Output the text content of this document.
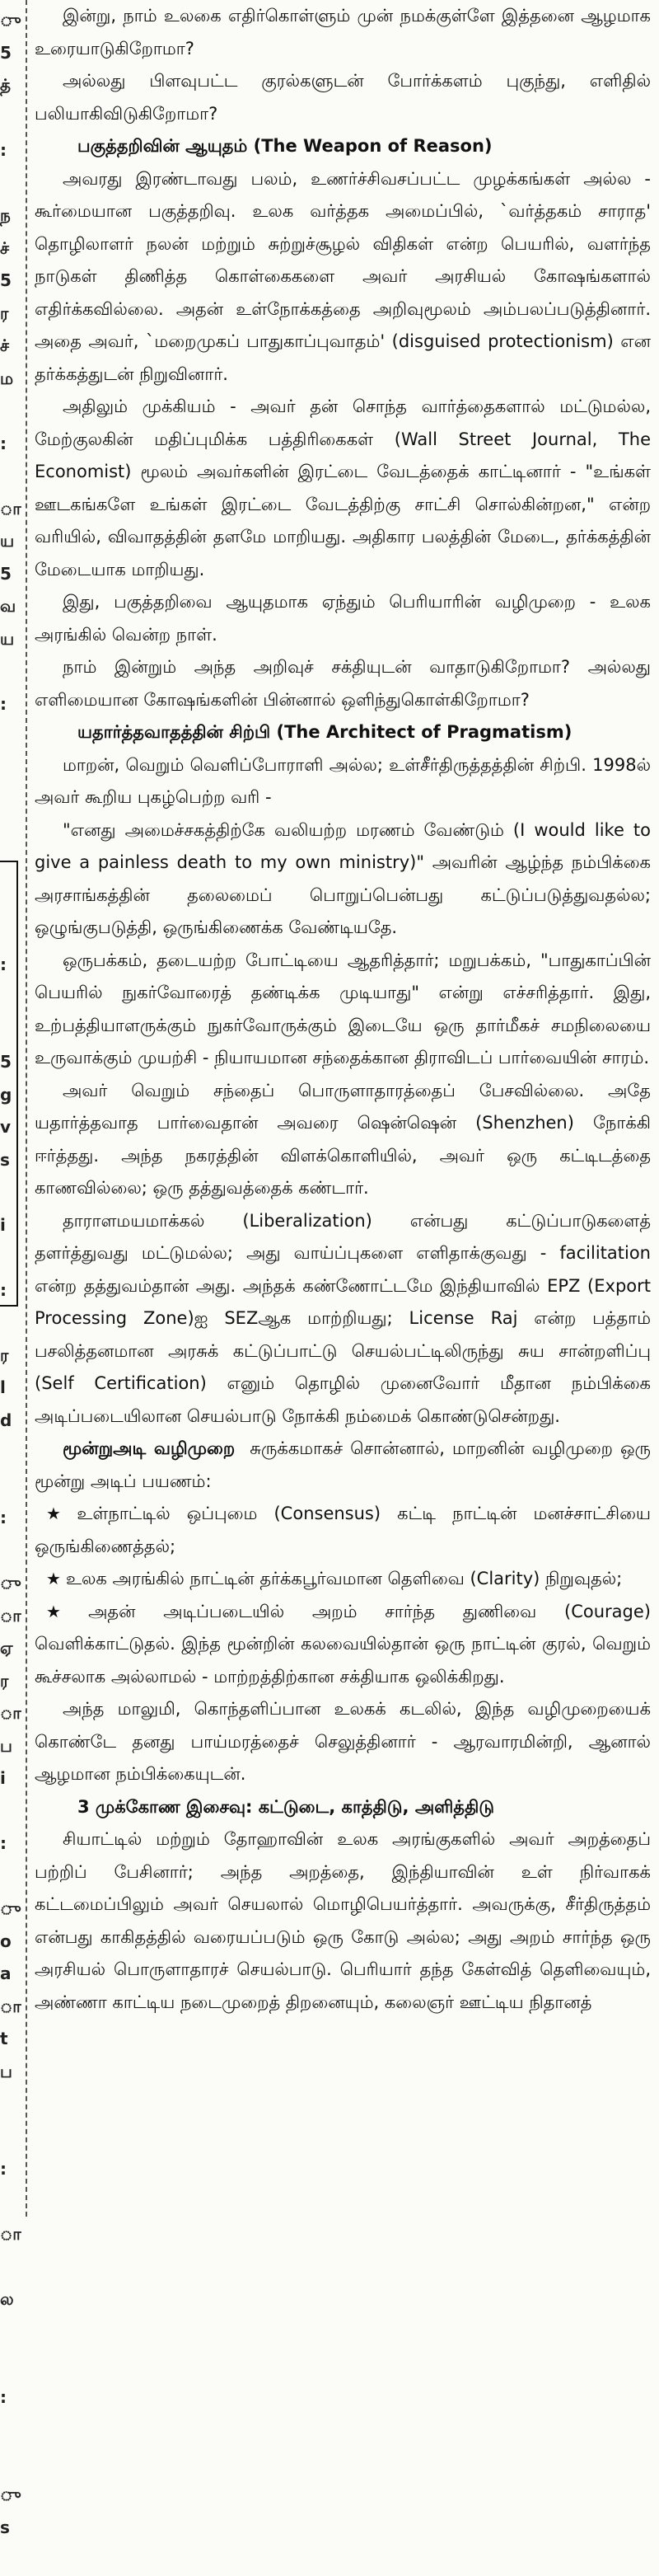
ு
5
த்
:
ந
ச்
5
ர
ச்
ம
:
ா
ய
5
வ
ய
:
:
5
g
v
s
i
:
ர
l
d
:
ு
ா
ஏ
ர
ா
ப
i
:
ு
o
a
ா
t
ப
:
ா
ல
:
ு
s

இன்று, நாம் உலகை எதிர்கொள்ளும் முன் நமக்குள்ளே இத்தனை ஆழமாக உரையாடுகிறோமா?

அல்லது பிளவுபட்ட குரல்களுடன் போர்க்களம் புகுந்து, எளிதில் பலியாகிவிடுகிறோமா?

பகுத்தறிவின் ஆயுதம் (The Weapon of Reason)

அவரது இரண்டாவது பலம், உணர்ச்சிவசப்பட்ட முழக்கங்கள் அல்ல - கூர்மையான பகுத்தறிவு. உலக வர்த்தக அமைப்பில், `வர்த்தகம் சாராத' தொழிலாளர் நலன் மற்றும் சுற்றுச்சூழல் விதிகள் என்ற பெயரில், வளர்ந்த நாடுகள் திணித்த கொள்கைகளை அவர் அரசியல் கோஷங்களால் எதிர்க்கவில்லை. அதன் உள்நோக்கத்தை அறிவுமூலம் அம்பலப்படுத்தினார். அதை அவர், `மறைமுகப் பாதுகாப்புவாதம்' (disguised protectionism) என தர்க்கத்துடன் நிறுவினார்.

அதிலும் முக்கியம் - அவர் தன் சொந்த வார்த்தைகளால் மட்டுமல்ல, மேற்குலகின் மதிப்புமிக்க பத்திரிகைகள் (Wall Street Journal, The Economist) மூலம் அவர்களின் இரட்டை வேடத்தைக் காட்டினார் - "உங்கள் ஊடகங்களே உங்கள் இரட்டை வேடத்திற்கு சாட்சி சொல்கின்றன," என்ற வரியில், விவாதத்தின் தளமே மாறியது. அதிகார பலத்தின் மேடை, தர்க்கத்தின் மேடையாக மாறியது.

இது, பகுத்தறிவை ஆயுதமாக ஏந்தும் பெரியாரின் வழிமுறை - உலக அரங்கில் வென்ற நாள்.

நாம் இன்றும் அந்த அறிவுச் சக்தியுடன் வாதாடுகிறோமா? அல்லது எளிமையான கோஷங்களின் பின்னால் ஒளிந்துகொள்கிறோமா?

யதார்த்தவாதத்தின் சிற்பி (The Architect of Pragmatism)

மாறன், வெறும் வெளிப்போராளி அல்ல; உள்சீர்திருத்தத்தின் சிற்பி. 1998ல் அவர் கூறிய புகழ்பெற்ற வரி -

"எனது அமைச்சகத்திற்கே வலியற்ற மரணம் வேண்டும் (I would like to give a painless death to my own ministry)" அவரின் ஆழ்ந்த நம்பிக்கை அரசாங்கத்தின் தலைமைப் பொறுப்பென்பது கட்டுப்படுத்துவதல்ல; ஒழுங்குபடுத்தி, ஒருங்கிணைக்க வேண்டியதே.

ஒருபக்கம், தடையற்ற போட்டியை ஆதரித்தார்; மறுபக்கம், "பாதுகாப்பின் பெயரில் நுகர்வோரைத் தண்டிக்க முடியாது" என்று எச்சரித்தார். இது, உற்பத்தியாளருக்கும் நுகர்வோருக்கும் இடையே ஒரு தார்மீகச் சமநிலையை உருவாக்கும் முயற்சி - நியாயமான சந்தைக்கான திராவிடப் பார்வையின் சாரம்.

அவர் வெறும் சந்தைப் பொருளாதாரத்தைப் பேசவில்லை. அதே யதார்த்தவாத பார்வைதான் அவரை ஷென்ஷென் (Shenzhen) நோக்கி ஈர்த்தது. அந்த நகரத்தின் விளக்கொளியில், அவர் ஒரு கட்டிடத்தை காணவில்லை; ஒரு தத்துவத்தைக் கண்டார்.

தாராளமயமாக்கல் (Liberalization) என்பது கட்டுப்பாடுகளைத் தளர்த்துவது மட்டுமல்ல; அது வாய்ப்புகளை எளிதாக்குவது - facilitation என்ற தத்துவம்தான் அது. அந்தக் கண்ணோட்டமே இந்தியாவில் EPZ (Export Processing Zone)ஐ SEZஆக மாற்றியது; License Raj என்ற பத்தாம் பசலித்தனமான அரசுக் கட்டுப்பாட்டு செயல்பட்டிலிருந்து சுய சான்றளிப்பு (Self Certification) எனும் தொழில் முனைவோர் மீதான நம்பிக்கை அடிப்படையிலான செயல்பாடு நோக்கி நம்மைக் கொண்டுசென்றது.

மூன்றுஅடி வழிமுறை சுருக்கமாகச் சொன்னால், மாறனின் வழிமுறை ஒரு மூன்று அடிப் பயணம்:

★ உள்நாட்டில் ஒப்புமை (Consensus) கட்டி நாட்டின் மனச்சாட்சியை ஒருங்கிணைத்தல்;

★ உலக அரங்கில் நாட்டின் தர்க்கபூர்வமான தெளிவை (Clarity) நிறுவுதல்;

★ அதன் அடிப்படையில் அறம் சார்ந்த துணிவை (Courage) வெளிக்காட்டுதல். இந்த மூன்றின் கலவையில்தான் ஒரு நாட்டின் குரல், வெறும் கூச்சலாக அல்லாமல் - மாற்றத்திற்கான சக்தியாக ஒலிக்கிறது.

அந்த மாலுமி, கொந்தளிப்பான உலகக் கடலில், இந்த வழிமுறையைக் கொண்டே தனது பாய்மரத்தைச் செலுத்தினார் - ஆரவாரமின்றி, ஆனால் ஆழமான நம்பிக்கையுடன்.

3 முக்கோண இசைவு: கட்டுடை, காத்திடு, அளித்திடு

சியாட்டில் மற்றும் தோஹாவின் உலக அரங்குகளில் அவர் அறத்தைப் பற்றிப் பேசினார்; அந்த அறத்தை, இந்தியாவின் உள் நிர்வாகக் கட்டமைப்பிலும் அவர் செயலால் மொழிபெயர்த்தார். அவருக்கு, சீர்திருத்தம் என்பது காகிதத்தில் வரையப்படும் ஒரு கோடு அல்ல; அது அறம் சார்ந்த ஒரு அரசியல் பொருளாதாரச் செயல்பாடு. பெரியார் தந்த கேள்வித் தெளிவையும், அண்ணா காட்டிய நடைமுறைத் திறனையும், கலைஞர் ஊட்டிய நிதானத்
